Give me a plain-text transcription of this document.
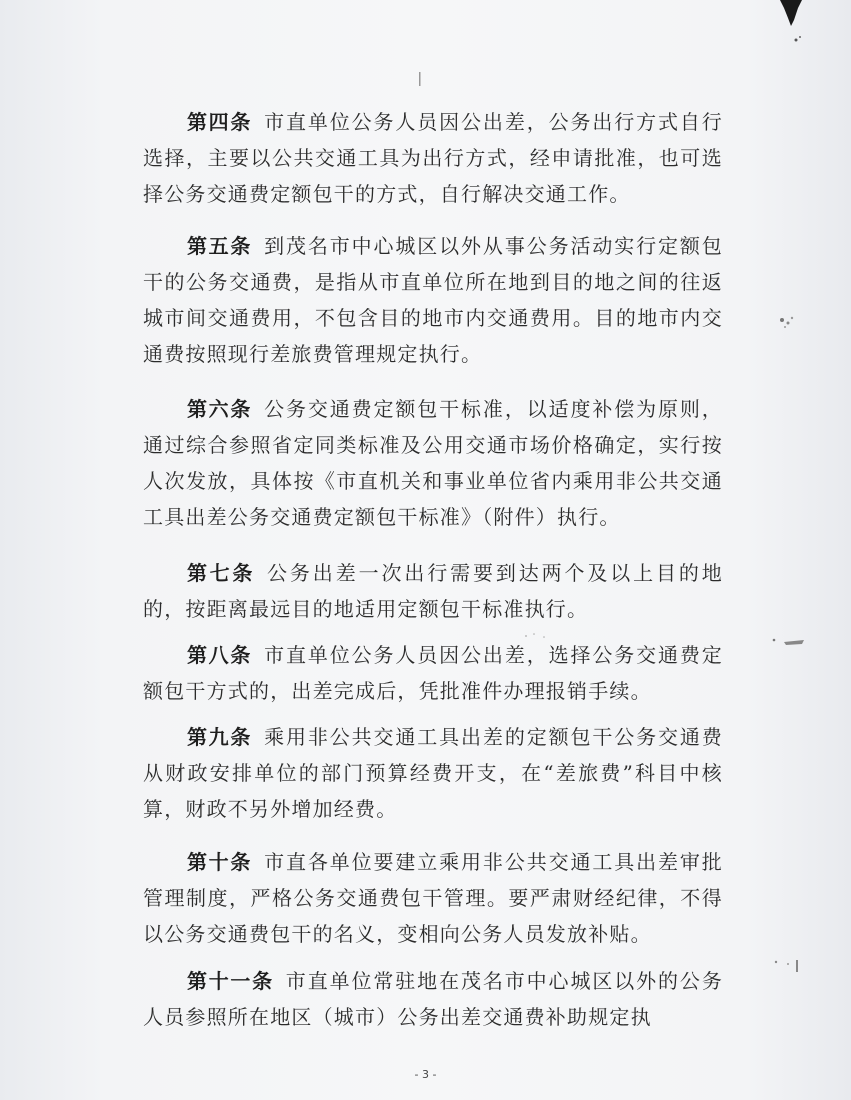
第四条 市直单位公务人员因公出差，公务出行方式自行选择，主要以公共交通工具为出行方式，经申请批准，也可选择公务交通费定额包干的方式，自行解决交通工作。

第五条 到茂名市中心城区以外从事公务活动实行定额包干的公务交通费，是指从市直单位所在地到目的地之间的往返城市间交通费用，不包含目的地市内交通费用。目的地市内交通费按照现行差旅费管理规定执行。

第六条 公务交通费定额包干标准，以适度补偿为原则，通过综合参照省定同类标准及公用交通市场价格确定，实行按人次发放，具体按《市直机关和事业单位省内乘用非公共交通工具出差公务交通费定额包干标准》（附件）执行。

第七条 公务出差一次出行需要到达两个及以上目的地的，按距离最远目的地适用定额包干标准执行。

第八条 市直单位公务人员因公出差，选择公务交通费定额包干方式的，出差完成后，凭批准件办理报销手续。

第九条 乘用非公共交通工具出差的定额包干公务交通费从财政安排单位的部门预算经费开支，在“差旅费”科目中核算，财政不另外增加经费。

第十条 市直各单位要建立乘用非公共交通工具出差审批管理制度，严格公务交通费包干管理。要严肃财经纪律，不得以公务交通费包干的名义，变相向公务人员发放补贴。

第十一条 市直单位常驻地在茂名市中心城区以外的公务人员参照所在地区（城市）公务出差交通费补助规定执

- 3 -
